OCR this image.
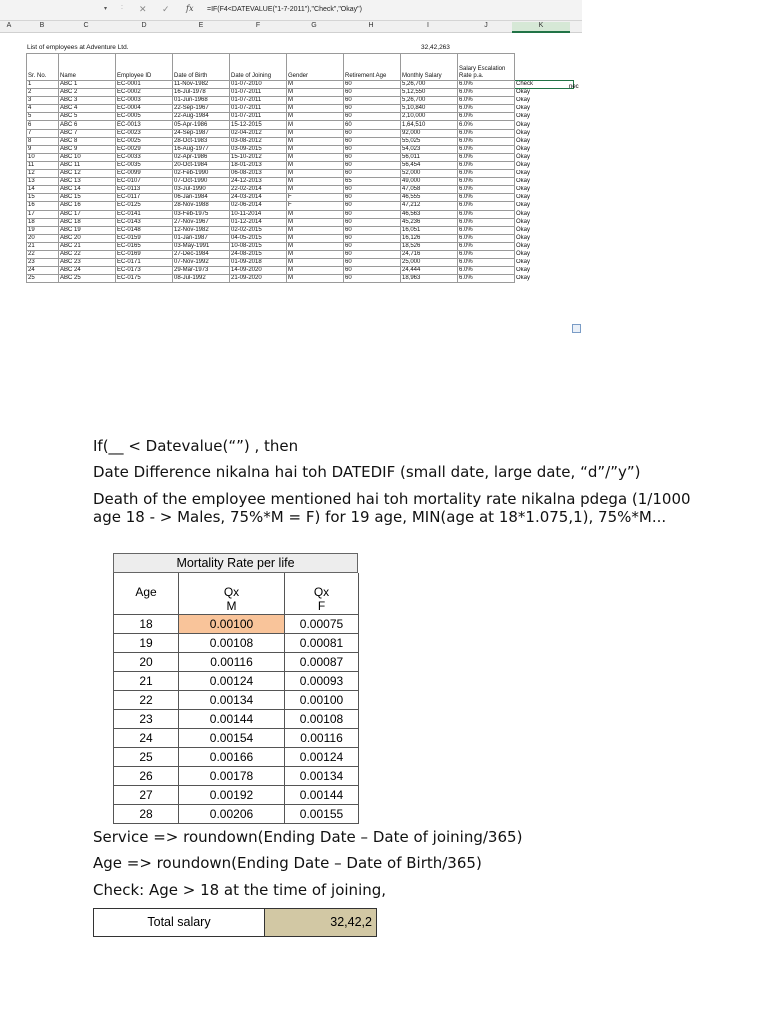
▾ : ✕ ✓ fx =IF(F4<DATEVALUE("1-7-2011"),"Check","Okay")
A	B	C	D	E	F	G	H	I	J	K
List of employees at Adventure Ltd.	32,42,263
Sr. No.	Name	Employee ID	Date of Birth	Date of Joining	Gender	Retirement Age	Monthly Salary	Salary Escalation Rate p.a.	
1	ABC 1	EC-0001	11-Nov-1982	01-07-2010	M	60	5,26,700	6.0%	Check
2	ABC 2	EC-0002	16-Jul-1978	01-07-2011	M	60	5,12,550	6.0%	Okay
3	ABC 3	EC-0003	01-Jun-1968	01-07-2011	M	60	5,26,700	6.0%	Okay
4	ABC 4	EC-0004	22-Sep-1967	01-07-2011	M	60	5,10,840	6.0%	Okay
5	ABC 5	EC-0005	22-Aug-1984	01-07-2011	M	60	2,10,000	6.0%	Okay
6	ABC 6	EC-0013	05-Apr-1986	15-12-2015	M	60	1,64,510	6.0%	Okay
7	ABC 7	EC-0023	24-Sep-1987	02-04-2012	M	60	92,000	6.0%	Okay
8	ABC 8	EC-0025	28-Oct-1983	03-08-2012	M	60	55,025	6.0%	Okay
9	ABC 9	EC-0029	16-Aug-1977	03-09-2015	M	60	54,023	6.0%	Okay
10	ABC 10	EC-0033	02-Apr-1986	15-10-2012	M	60	56,011	6.0%	Okay
11	ABC 11	EC-0035	20-Oct-1984	18-01-2013	M	60	56,454	6.0%	Okay
12	ABC 12	EC-0099	02-Feb-1990	06-08-2013	M	60	52,000	6.0%	Okay
13	ABC 13	EC-0107	07-Oct-1990	24-12-2013	M	65	49,000	6.0%	Okay
14	ABC 14	EC-0113	03-Jul-1990	22-02-2014	M	60	47,058	6.0%	Okay
15	ABC 15	EC-0117	06-Jan-1984	24-03-2014	F	60	46,555	6.0%	Okay
16	ABC 16	EC-0125	28-Nov-1988	02-06-2014	F	60	47,212	6.0%	Okay
17	ABC 17	EC-0141	03-Feb-1975	10-11-2014	M	60	46,563	6.0%	Okay
18	ABC 18	EC-0143	27-Nov-1967	01-12-2014	M	60	45,236	6.0%	Okay
19	ABC 19	EC-0148	12-Nov-1982	02-02-2015	M	60	16,051	6.0%	Okay
20	ABC 20	EC-0159	01-Jan-1987	04-05-2015	M	60	16,126	6.0%	Okay
21	ABC 21	EC-0165	03-May-1991	10-08-2015	M	60	18,526	6.0%	Okay
22	ABC 22	EC-0169	27-Dec-1984	24-08-2015	M	60	24,716	6.0%	Okay
23	ABC 23	EC-0171	07-Nov-1992	01-09-2018	M	60	25,000	6.0%	Okay
24	ABC 24	EC-0173	29-Mar-1973	14-09-2020	M	60	24,444	6.0%	Okay
25	ABC 25	EC-0175	08-Jul-1992	21-09-2020	M	60	18,963	6.0%	Okay
nec
If(__ < Datevalue(“”) , then
Date Difference nikalna hai toh DATEDIF (small date, large date, “d”/”y”)
Death of the employee mentioned hai toh mortality rate nikalna pdega (1/1000
age 18 - > Males, 75%*M = F) for 19 age, MIN(age at 18*1.075,1), 75%*M...
Mortality Rate per life
Age	Qx	Qx
	M	F
18	0.00100	0.00075
19	0.00108	0.00081
20	0.00116	0.00087
21	0.00124	0.00093
22	0.00134	0.00100
23	0.00144	0.00108
24	0.00154	0.00116
25	0.00166	0.00124
26	0.00178	0.00134
27	0.00192	0.00144
28	0.00206	0.00155
Service => roundown(Ending Date – Date of joining/365)
Age => roundown(Ending Date – Date of Birth/365)
Check: Age > 18 at the time of joining,
Total salary	32,42,2
